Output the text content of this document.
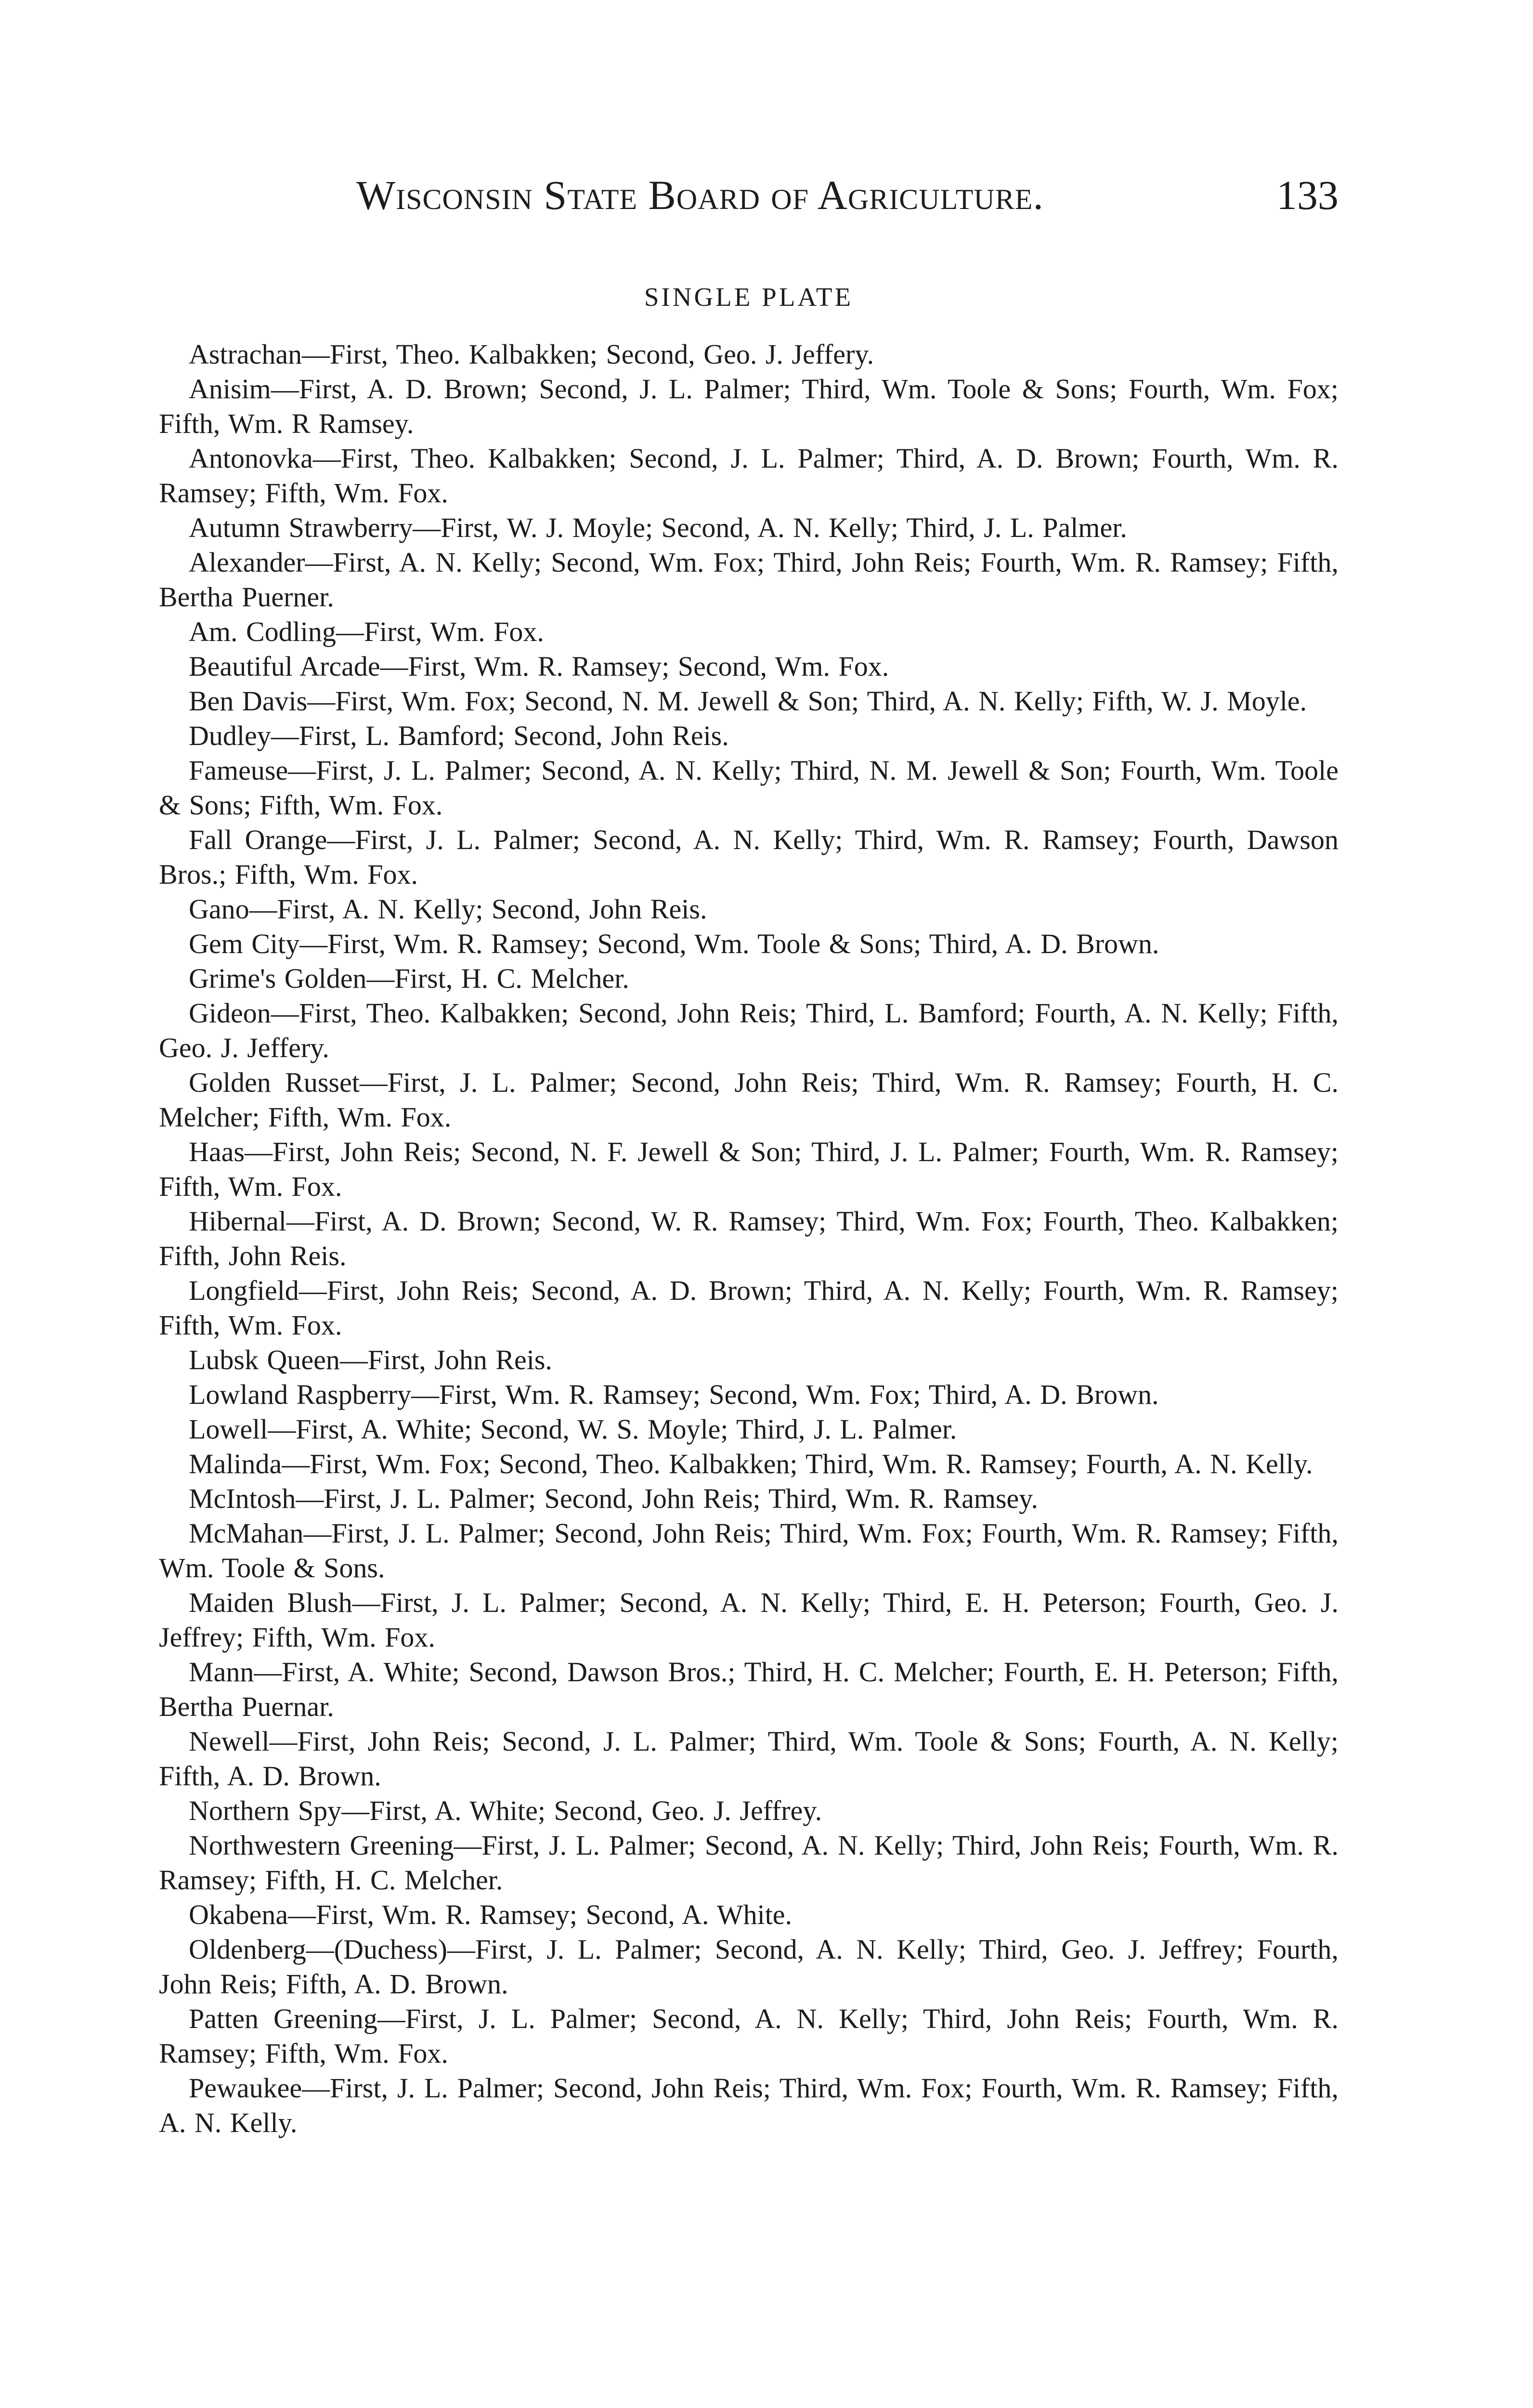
Wisconsin State Board of Agriculture.	133
SINGLE PLATE

Astrachan—First, Theo. Kalbakken; Second, Geo. J. Jeffery.

Anisim—First, A. D. Brown; Second, J. L. Palmer; Third, Wm. Toole & Sons; Fourth, Wm. Fox; Fifth, Wm. R Ramsey.

Antonovka—First, Theo. Kalbakken; Second, J. L. Palmer; Third, A. D. Brown; Fourth, Wm. R. Ramsey; Fifth, Wm. Fox.

Autumn Strawberry—First, W. J. Moyle; Second, A. N. Kelly; Third, J. L. Palmer.

Alexander—First, A. N. Kelly; Second, Wm. Fox; Third, John Reis; Fourth, Wm. R. Ramsey; Fifth, Bertha Puerner.

Am. Codling—First, Wm. Fox.

Beautiful Arcade—First, Wm. R. Ramsey; Second, Wm. Fox.

Ben Davis—First, Wm. Fox; Second, N. M. Jewell & Son; Third, A. N. Kelly; Fifth, W. J. Moyle.

Dudley—First, L. Bamford; Second, John Reis.

Fameuse—First, J. L. Palmer; Second, A. N. Kelly; Third, N. M. Jewell & Son; Fourth, Wm. Toole & Sons; Fifth, Wm. Fox.

Fall Orange—First, J. L. Palmer; Second, A. N. Kelly; Third, Wm. R. Ramsey; Fourth, Dawson Bros.; Fifth, Wm. Fox.

Gano—First, A. N. Kelly; Second, John Reis.

Gem City—First, Wm. R. Ramsey; Second, Wm. Toole & Sons; Third, A. D. Brown.

Grime's Golden—First, H. C. Melcher.

Gideon—First, Theo. Kalbakken; Second, John Reis; Third, L. Bamford; Fourth, A. N. Kelly; Fifth, Geo. J. Jeffery.

Golden Russet—First, J. L. Palmer; Second, John Reis; Third, Wm. R. Ramsey; Fourth, H. C. Melcher; Fifth, Wm. Fox.

Haas—First, John Reis; Second, N. F. Jewell & Son; Third, J. L. Palmer; Fourth, Wm. R. Ramsey; Fifth, Wm. Fox.

Hibernal—First, A. D. Brown; Second, W. R. Ramsey; Third, Wm. Fox; Fourth, Theo. Kalbakken; Fifth, John Reis.

Longfield—First, John Reis; Second, A. D. Brown; Third, A. N. Kelly; Fourth, Wm. R. Ramsey; Fifth, Wm. Fox.

Lubsk Queen—First, John Reis.

Lowland Raspberry—First, Wm. R. Ramsey; Second, Wm. Fox; Third, A. D. Brown.

Lowell—First, A. White; Second, W. S. Moyle; Third, J. L. Palmer.

Malinda—First, Wm. Fox; Second, Theo. Kalbakken; Third, Wm. R. Ramsey; Fourth, A. N. Kelly.

McIntosh—First, J. L. Palmer; Second, John Reis; Third, Wm. R. Ramsey.

McMahan—First, J. L. Palmer; Second, John Reis; Third, Wm. Fox; Fourth, Wm. R. Ramsey; Fifth, Wm. Toole & Sons.

Maiden Blush—First, J. L. Palmer; Second, A. N. Kelly; Third, E. H. Peterson; Fourth, Geo. J. Jeffrey; Fifth, Wm. Fox.

Mann—First, A. White; Second, Dawson Bros.; Third, H. C. Melcher; Fourth, E. H. Peterson; Fifth, Bertha Puernar.

Newell—First, John Reis; Second, J. L. Palmer; Third, Wm. Toole & Sons; Fourth, A. N. Kelly; Fifth, A. D. Brown.

Northern Spy—First, A. White; Second, Geo. J. Jeffrey.

Northwestern Greening—First, J. L. Palmer; Second, A. N. Kelly; Third, John Reis; Fourth, Wm. R. Ramsey; Fifth, H. C. Melcher.

Okabena—First, Wm. R. Ramsey; Second, A. White.

Oldenberg—(Duchess)—First, J. L. Palmer; Second, A. N. Kelly; Third, Geo. J. Jeffrey; Fourth, John Reis; Fifth, A. D. Brown.

Patten Greening—First, J. L. Palmer; Second, A. N. Kelly; Third, John Reis; Fourth, Wm. R. Ramsey; Fifth, Wm. Fox.

Pewaukee—First, J. L. Palmer; Second, John Reis; Third, Wm. Fox; Fourth, Wm. R. Ramsey; Fifth, A. N. Kelly.
